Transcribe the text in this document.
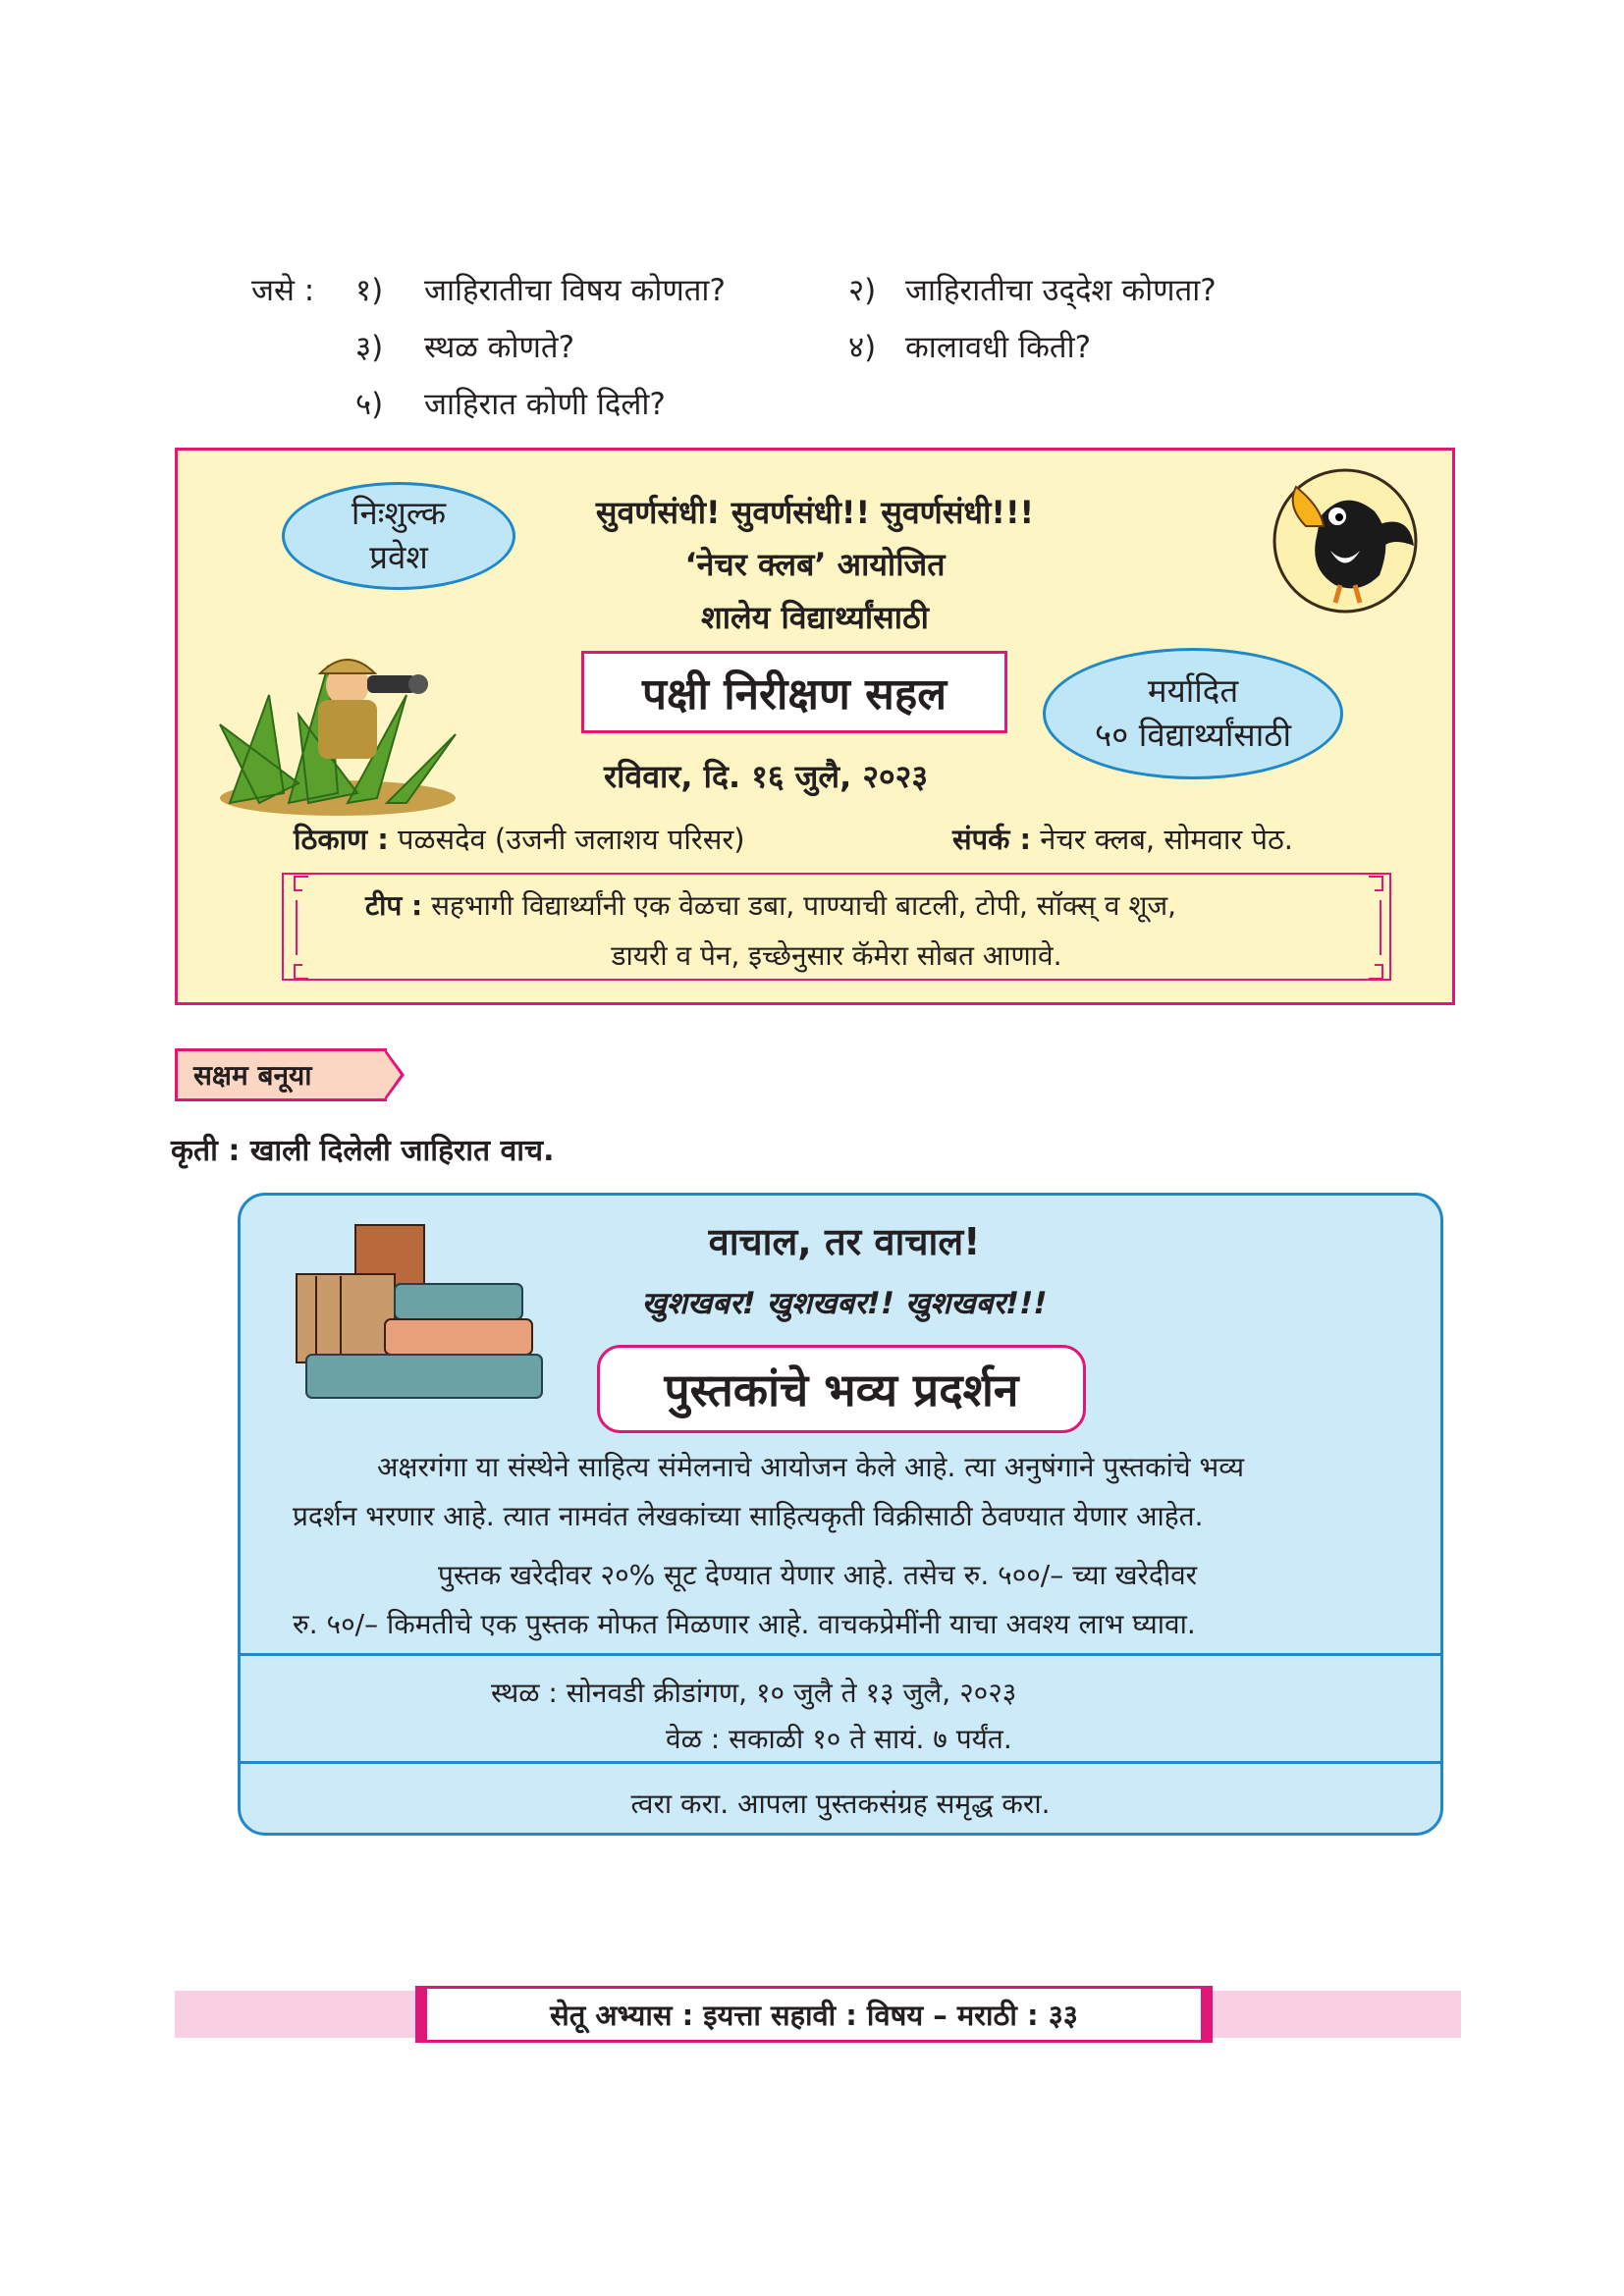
जसे : १) जाहिरातीचा विषय कोणता?	२) जाहिरातीचा उद्‌देश कोणता?
३) स्थळ कोणते?	४) कालावधी किती?
५) जाहिरात कोणी दिली?
निःशुल्क
प्रवेश
सुवर्णसंधी! सुवर्णसंधी!! सुवर्णसंधी!!!
‘नेचर क्लब’ आयोजित
शालेय विद्यार्थ्यांसाठी
पक्षी निरीक्षण सहल	मर्यादित
५० विद्यार्थ्यांसाठी
रविवार, दि. १६ जुलै, २०२३
ठिकाण : पळसदेव (उजनी जलाशय परिसर)	संपर्क : नेचर क्लब, सोमवार पेठ.
टीप : सहभागी विद्यार्थ्यांनी एक वेळचा डबा, पाण्याची बाटली, टोपी, सॉक्स् व शूज,
डायरी व पेन, इच्छेनुसार कॅमेरा सोबत आणावे.
सक्षम बनूया
कृती : खाली दिलेली जाहिरात वाच.
वाचाल, तर वाचाल!
खुशखबर! खुशखबर!! खुशखबर!!!
पुस्तकांचे भव्य प्रदर्शन
अक्षरगंगा या संस्थेने साहित्य संमेलनाचे आयोजन केले आहे. त्या अनुषंगाने पुस्तकांचे भव्य
प्रदर्शन भरणार आहे. त्यात नामवंत लेखकांच्या साहित्यकृती विक्रीसाठी ठेवण्यात येणार आहेत.
पुस्तक खरेदीवर २०% सूट देण्यात येणार आहे. तसेच रु. ५००/– च्या खरेदीवर
रु. ५०/– किमतीचे एक पुस्तक मोफत मिळणार आहे. वाचकप्रेमींनी याचा अवश्य लाभ घ्यावा.
स्थळ : सोनवडी क्रीडांगण, १० जुलै ते १३ जुलै, २०२३
वेळ : सकाळी १० ते सायं. ७ पर्यंत.
त्वरा करा. आपला पुस्तकसंग्रह समृद्ध करा.
सेतू अभ्यास : इयत्ता सहावी : विषय – मराठी : ३३
